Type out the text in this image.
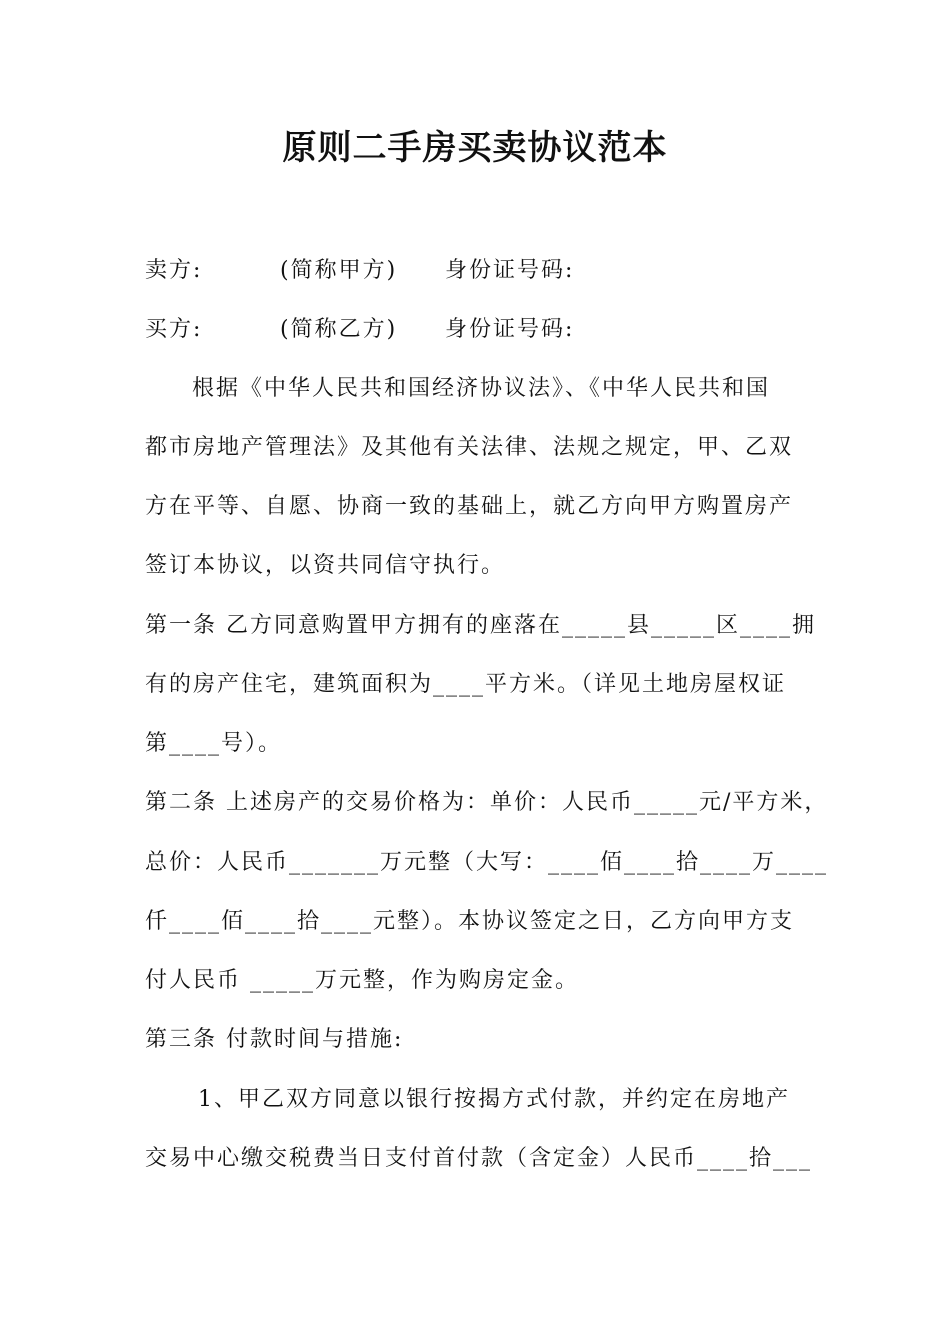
原则二手房买卖协议范本
卖方:	(简称甲方) 身份证号码:
买方:	(简称乙方) 身份证号码:
根据《中华人民共和国经济协议法》、《中华人民共和国
都市房地产管理法》及其他有关法律、法规之规定，甲、乙双
方在平等、自愿、协商一致的基础上，就乙方向甲方购置房产
签订本协议，以资共同信守执行。
第一条 乙方同意购置甲方拥有的座落在_____县_____区____拥
有的房产住宅，建筑面积为____平方米。（详见土地房屋权证
第____号）。
第二条 上述房产的交易价格为：单价：人民币_____元/平方米，
总价：人民币_______万元整（大写：____佰____拾____万____
仟____佰____拾____元整）。本协议签定之日，乙方向甲方支
付人民币 _____万元整，作为购房定金。
第三条 付款时间与措施:
1、甲乙双方同意以银行按揭方式付款，并约定在房地产
交易中心缴交税费当日支付首付款（含定金）人民币____拾___
